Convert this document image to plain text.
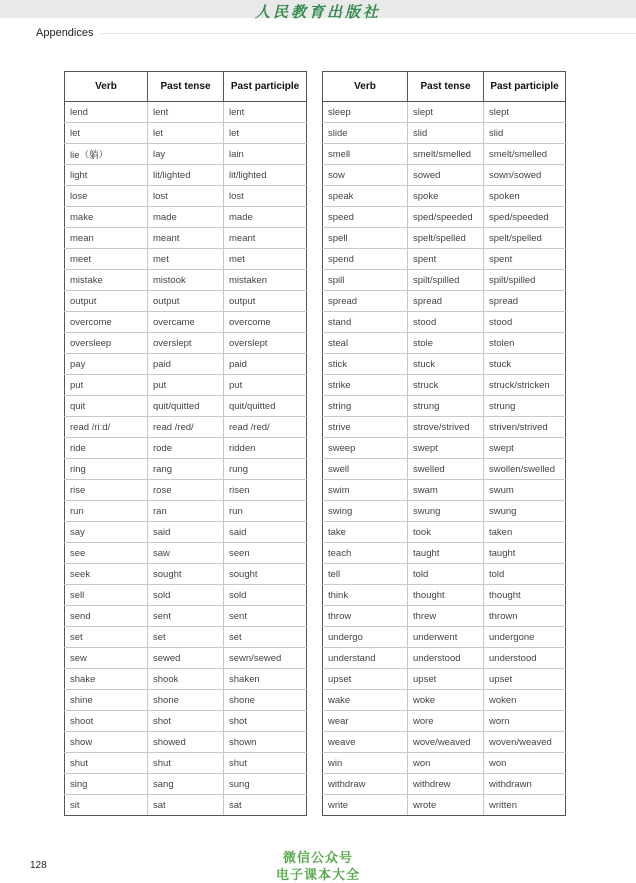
人民教育出版社
Appendices
Verb	Past tense	Past participle
lend	lent	lent
let	let	let
lie（躺）	lay	lain
light	lit/lighted	lit/lighted
lose	lost	lost
make	made	made
mean	meant	meant
meet	met	met
mistake	mistook	mistaken
output	output	output
overcome	overcame	overcome
oversleep	overslept	overslept
pay	paid	paid
put	put	put
quit	quit/quitted	quit/quitted
read /riːd/	read /red/	read /red/
ride	rode	ridden
ring	rang	rung
rise	rose	risen
run	ran	run
say	said	said
see	saw	seen
seek	sought	sought
sell	sold	sold
send	sent	sent
set	set	set
sew	sewed	sewn/sewed
shake	shook	shaken
shine	shone	shone
shoot	shot	shot
show	showed	shown
shut	shut	shut
sing	sang	sung
sit	sat	sat
Verb	Past tense	Past participle
sleep	slept	slept
slide	slid	slid
smell	smelt/smelled	smelt/smelled
sow	sowed	sown/sowed
speak	spoke	spoken
speed	sped/speeded	sped/speeded
spell	spelt/spelled	spelt/spelled
spend	spent	spent
spill	spilt/spilled	spilt/spilled
spread	spread	spread
stand	stood	stood
steal	stole	stolen
stick	stuck	stuck
strike	struck	struck/stricken
string	strung	strung
strive	strove/strived	striven/strived
sweep	swept	swept
swell	swelled	swollen/swelled
swim	swam	swum
swing	swung	swung
take	took	taken
teach	taught	taught
tell	told	told
think	thought	thought
throw	threw	thrown
undergo	underwent	undergone
understand	understood	understood
upset	upset	upset
wake	woke	woken
wear	wore	worn
weave	wove/weaved	woven/weaved
win	won	won
withdraw	withdrew	withdrawn
write	wrote	written
128	微信公众号
电子课本大全
